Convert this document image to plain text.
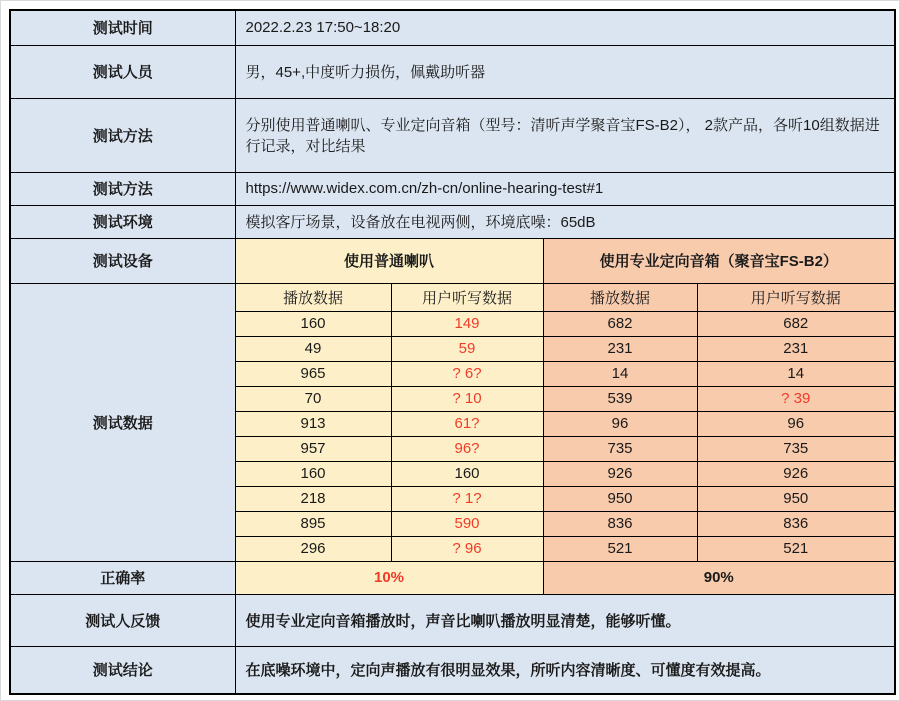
测试时间	2022.2.23 17:50~18:20			
测试人员	男，45+,中度听力损伤，佩戴助听器			
测试方法	分别使用普通喇叭、专业定向音箱（型号：清听声学聚音宝FS-B2）， 2款产品，各听10组数据进行记录，对比结果			
测试方法	https://www.widex.com.cn/zh-cn/online-hearing-test#1			
测试环境	模拟客厅场景，设备放在电视两侧，环境底噪：65dB			
测试设备	使用普通喇叭		使用专业定向音箱（聚音宝FS-B2）	
测试数据	播放数据	用户听写数据	播放数据	用户听写数据
	160	149	682	682
	49	59	231	231
	965	? 6?	14	14
	70	? 10	539	? 39
	913	61?	96	96
	957	96?	735	735
	160	160	926	926
	218	? 1?	950	950
	895	590	836	836
	296	? 96	521	521
正确率	10%		90%	
测试人反馈	使用专业定向音箱播放时，声音比喇叭播放明显清楚，能够听懂。			
测试结论	在底噪环境中，定向声播放有很明显效果，所听内容清晰度、可懂度有效提高。			
